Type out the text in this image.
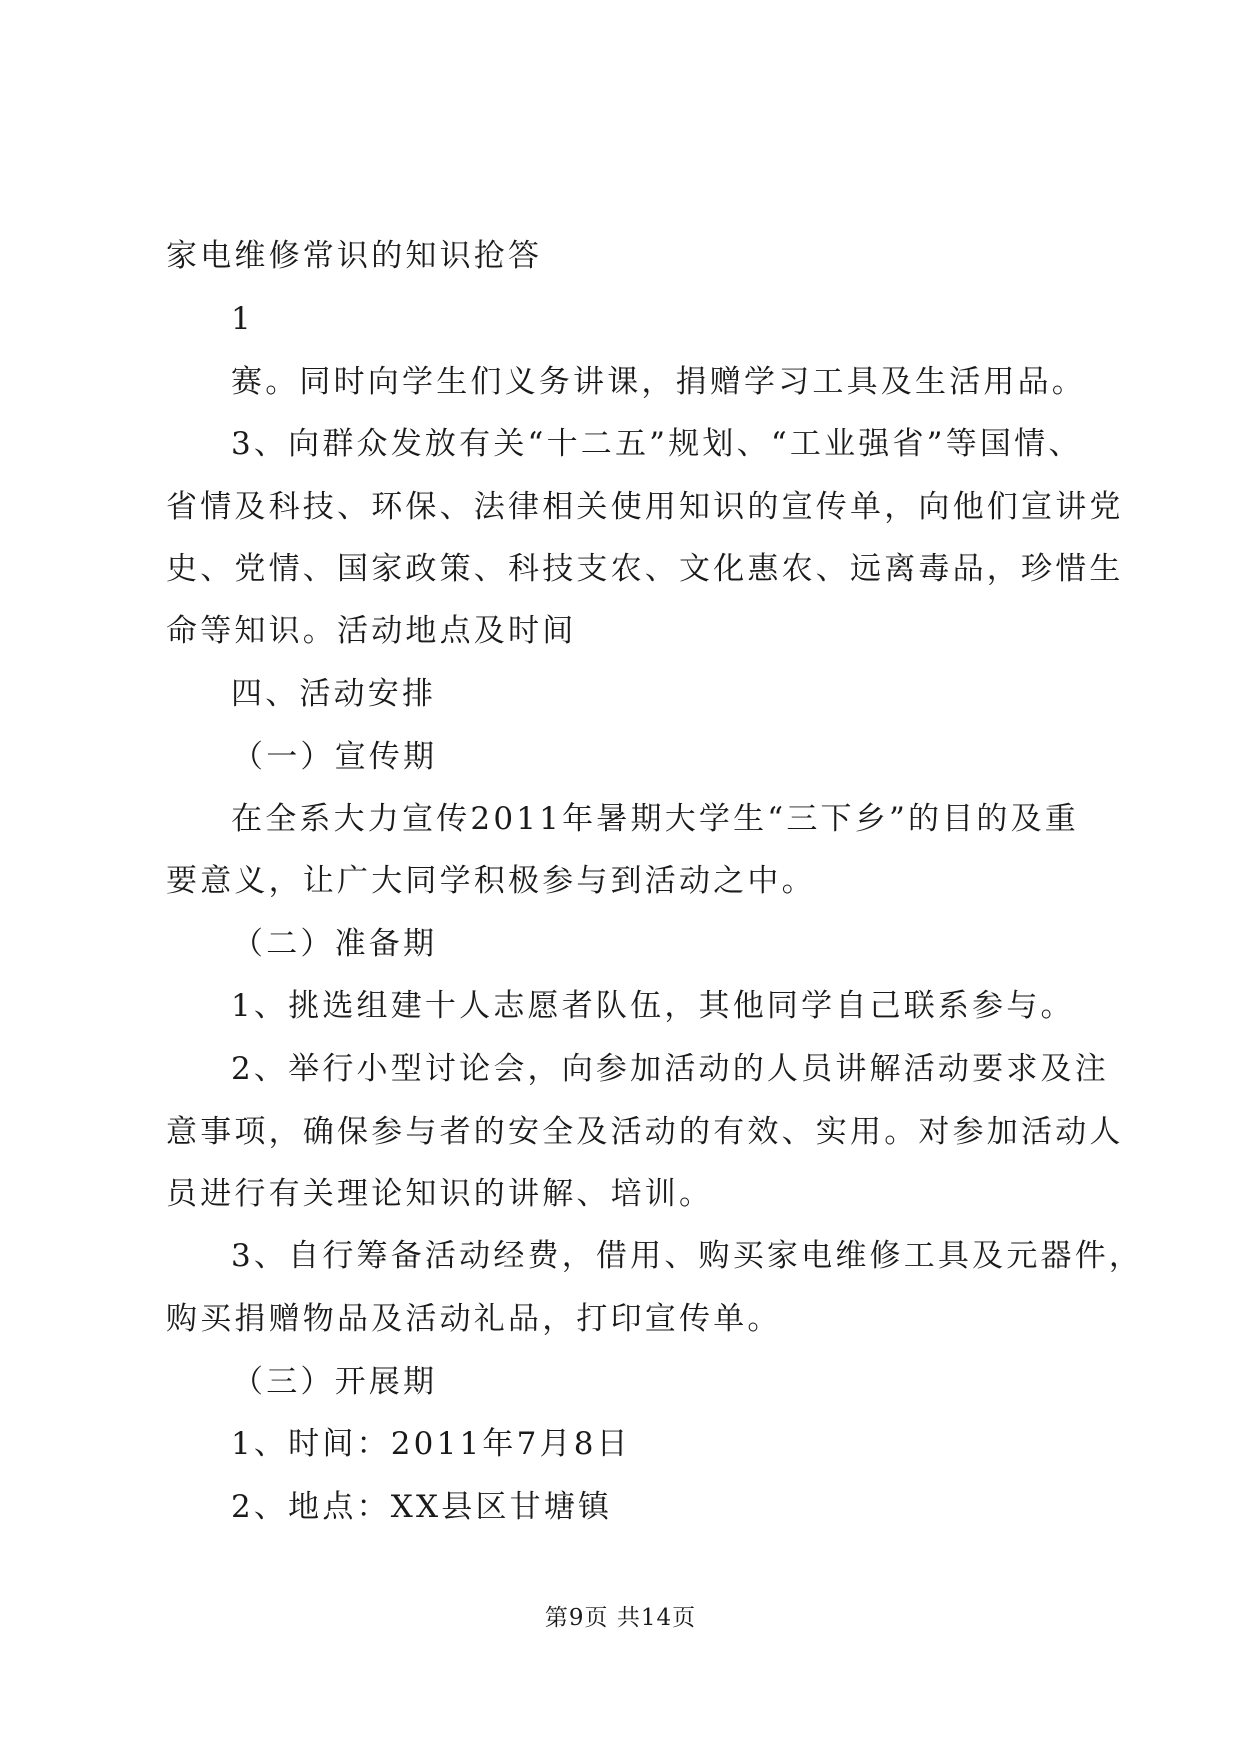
家电维修常识的知识抢答
1
赛。同时向学生们义务讲课，捐赠学习工具及生活用品。
3、向群众发放有关“十二五”规划、“工业强省”等国情、
省情及科技、环保、法律相关使用知识的宣传单，向他们宣讲党
史、党情、国家政策、科技支农、文化惠农、远离毒品，珍惜生
命等知识。活动地点及时间
四、活动安排
（一）宣传期
在全系大力宣传2011年暑期大学生“三下乡”的目的及重
要意义，让广大同学积极参与到活动之中。
（二）准备期
1、挑选组建十人志愿者队伍，其他同学自己联系参与。
2、举行小型讨论会，向参加活动的人员讲解活动要求及注
意事项，确保参与者的安全及活动的有效、实用。对参加活动人
员进行有关理论知识的讲解、培训。
3、自行筹备活动经费，借用、购买家电维修工具及元器件，
购买捐赠物品及活动礼品，打印宣传单。
（三）开展期
1、时间：2011年7月8日
2、地点：XX县区甘塘镇
第9页 共14页
